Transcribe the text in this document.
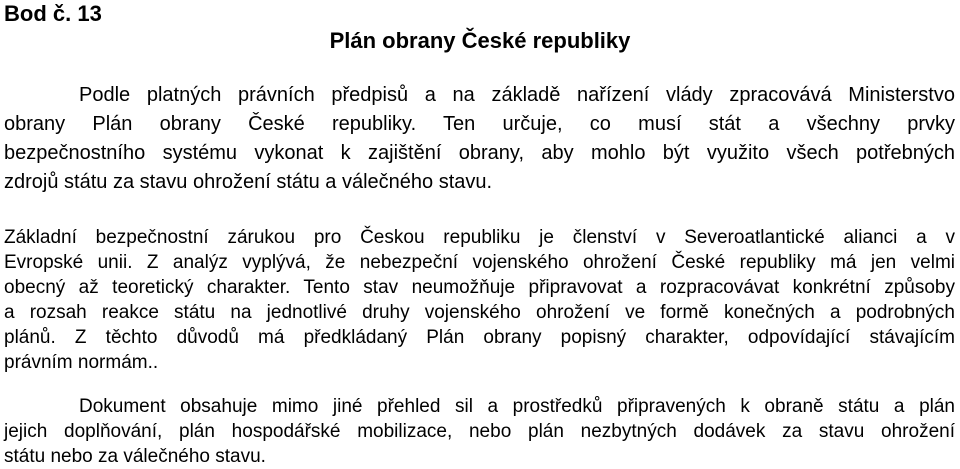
Bod č. 13
Plán obrany České republiky

Podle platných právních předpisů a na základě nařízení vlády zpracovává Ministerstvo
obrany Plán obrany České republiky. Ten určuje, co musí stát a všechny prvky
bezpečnostního systému vykonat k zajištění obrany, aby mohlo být využito všech potřebných
zdrojů státu za stavu ohrožení státu a válečného stavu.

Základní bezpečnostní zárukou pro Českou republiku je členství v Severoatlantické alianci a v
Evropské unii. Z analýz vyplývá, že nebezpeční vojenského ohrožení České republiky má jen velmi
obecný až teoretický charakter. Tento stav neumožňuje připravovat a rozpracovávat konkrétní způsoby
a rozsah reakce státu na jednotlivé druhy vojenského ohrožení ve formě konečných a podrobných
plánů. Z těchto důvodů má předkládaný Plán obrany popisný charakter, odpovídající stávajícím
právním normám..

Dokument obsahuje mimo jiné přehled sil a prostředků připravených k obraně státu a plán
jejich doplňování, plán hospodářské mobilizace, nebo plán nezbytných dodávek za stavu ohrožení
státu nebo za válečného stavu.
